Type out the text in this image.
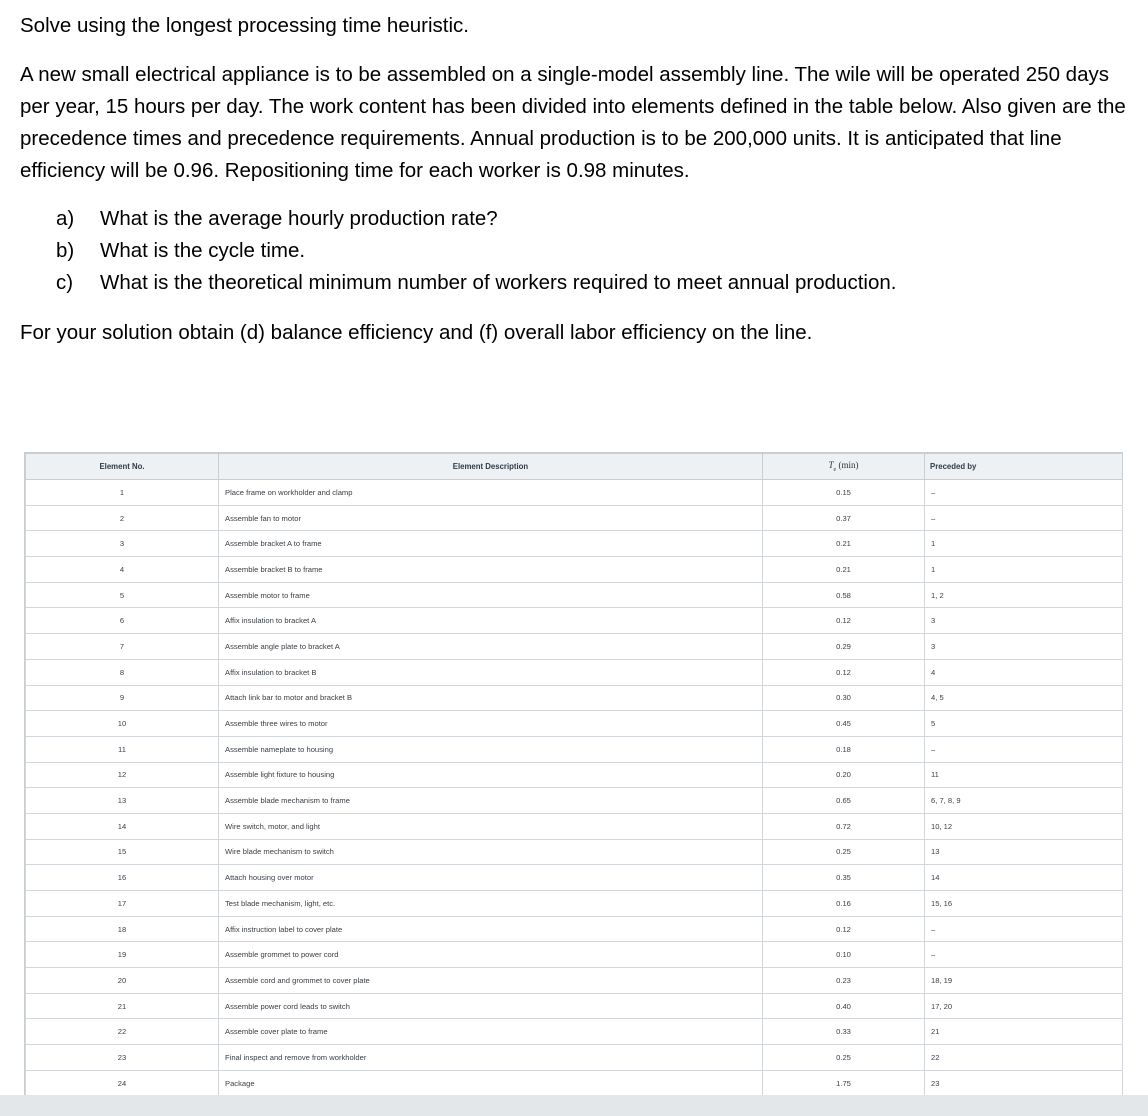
Solve using the longest processing time heuristic.

A new small electrical appliance is to be assembled on a single-model assembly line. The wile will be operated 250 days per year, 15 hours per day. The work content has been divided into elements defined in the table below. Also given are the precedence times and precedence requirements. Annual production is to be 200,000 units. It is anticipated that line efficiency will be 0.96. Repositioning time for each worker is 0.98 minutes.

a)	What is the average hourly production rate?
b)	What is the cycle time.
c)	What is the theoretical minimum number of workers required to meet annual production.

For your solution obtain (d) balance efficiency and (f) overall labor efficiency on the line.

Element No.	Element Description	$T_e$ (min)	Preceded by
1	Place frame on workholder and clamp	0.15	–
2	Assemble fan to motor	0.37	–
3	Assemble bracket A to frame	0.21	1
4	Assemble bracket B to frame	0.21	1
5	Assemble motor to frame	0.58	1, 2
6	Affix insulation to bracket A	0.12	3
7	Assemble angle plate to bracket A	0.29	3
8	Affix insulation to bracket B	0.12	4
9	Attach link bar to motor and bracket B	0.30	4, 5
10	Assemble three wires to motor	0.45	5
11	Assemble nameplate to housing	0.18	–
12	Assemble light fixture to housing	0.20	11
13	Assemble blade mechanism to frame	0.65	6, 7, 8, 9
14	Wire switch, motor, and light	0.72	10, 12
15	Wire blade mechanism to switch	0.25	13
16	Attach housing over motor	0.35	14
17	Test blade mechanism, light, etc.	0.16	15, 16
18	Affix instruction label to cover plate	0.12	–
19	Assemble grommet to power cord	0.10	–
20	Assemble cord and grommet to cover plate	0.23	18, 19
21	Assemble power cord leads to switch	0.40	17, 20
22	Assemble cover plate to frame	0.33	21
23	Final inspect and remove from workholder	0.25	22
24	Package	1.75	23
